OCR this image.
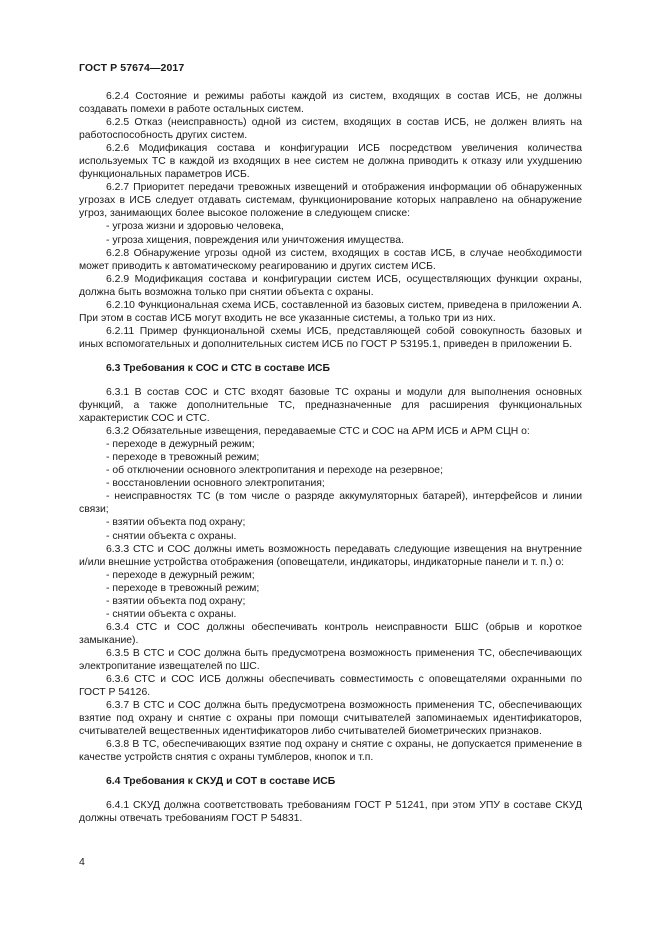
ГОСТ Р 57674—2017

6.2.4 Состояние и режимы работы каждой из систем, входящих в состав ИСБ, не должны создавать помехи в работе остальных систем.

6.2.5 Отказ (неисправность) одной из систем, входящих в состав ИСБ, не должен влиять на работоспособность других систем.

6.2.6 Модификация состава и конфигурации ИСБ посредством увеличения количества используемых ТС в каждой из входящих в нее систем не должна приводить к отказу или ухудшению функциональных параметров ИСБ.

6.2.7 Приоритет передачи тревожных извещений и отображения информации об обнаруженных угрозах в ИСБ следует отдавать системам, функционирование которых направлено на обнаружение угроз, занимающих более высокое положение в следующем списке:

- угроза жизни и здоровью человека,

- угроза хищения, повреждения или уничтожения имущества.

6.2.8 Обнаружение угрозы одной из систем, входящих в состав ИСБ, в случае необходимости может приводить к автоматическому реагированию и других систем ИСБ.

6.2.9 Модификация состава и конфигурации систем ИСБ, осуществляющих функции охраны, должна быть возможна только при снятии объекта с охраны.

6.2.10 Функциональная схема ИСБ, составленной из базовых систем, приведена в приложении А. При этом в состав ИСБ могут входить не все указанные системы, а только три из них.

6.2.11 Пример функциональной схемы ИСБ, представляющей собой совокупность базовых и иных вспомогательных и дополнительных систем ИСБ по ГОСТ Р 53195.1, приведен в приложении Б.

6.3 Требования к СОС и СТС в составе ИСБ

6.3.1 В состав СОС и СТС входят базовые ТС охраны и модули для выполнения основных функций, а также дополнительные ТС, предназначенные для расширения функциональных характеристик СОС и СТС.

6.3.2 Обязательные извещения, передаваемые СТС и СОС на АРМ ИСБ и АРМ СЦН о:

- переходе в дежурный режим;

- переходе в тревожный режим;

- об отключении основного электропитания и переходе на резервное;

- восстановлении основного электропитания;

- неисправностях ТС (в том числе о разряде аккумуляторных батарей), интерфейсов и линии связи;

- взятии объекта под охрану;

- снятии объекта с охраны.

6.3.3 СТС и СОС должны иметь возможность передавать следующие извещения на внутренние и/или внешние устройства отображения (оповещатели, индикаторы, индикаторные панели и т. п.) о:

- переходе в дежурный режим;

- переходе в тревожный режим;

- взятии объекта под охрану;

- снятии объекта с охраны.

6.3.4 СТС и СОС должны обеспечивать контроль неисправности БШС (обрыв и короткое замыкание).

6.3.5 В СТС и СОС должна быть предусмотрена возможность применения ТС, обеспечивающих электропитание извещателей по ШС.

6.3.6 СТС и СОС ИСБ должны обеспечивать совместимость с оповещателями охранными по ГОСТ Р 54126.

6.3.7 В СТС и СОС должна быть предусмотрена возможность применения ТС, обеспечивающих взятие под охрану и снятие с охраны при помощи считывателей запоминаемых идентификаторов, считывателей вещественных идентификаторов либо считывателей биометрических признаков.

6.3.8 В ТС, обеспечивающих взятие под охрану и снятие с охраны, не допускается применение в качестве устройств снятия с охраны тумблеров, кнопок и т.п.

6.4 Требования к СКУД и СОТ в составе ИСБ

6.4.1 СКУД должна соответствовать требованиям ГОСТ Р 51241, при этом УПУ в составе СКУД должны отвечать требованиям ГОСТ Р 54831.

4
